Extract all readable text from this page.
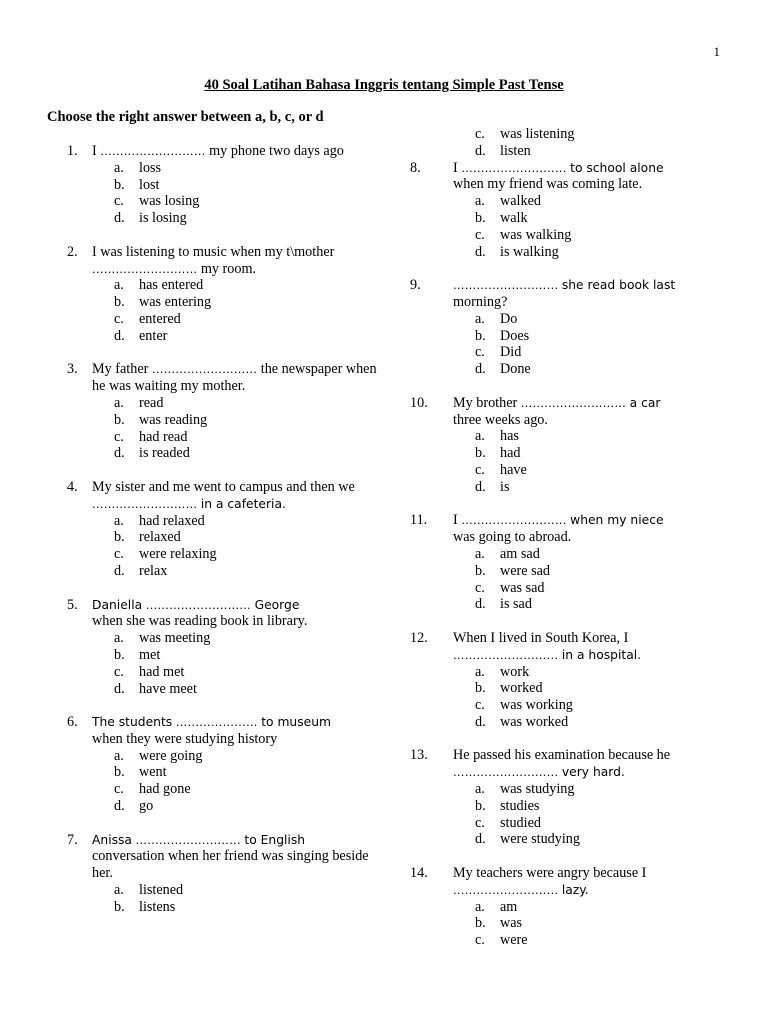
1
40 Soal Latihan Bahasa Inggris tentang Simple Past Tense

Choose the right answer between a, b, c, or d

1. I ……………………… my phone two days ago

a. loss
b. lost
c. was losing
d. is losing

2. I was listening to music when my t\mother
……………………… my room.

a. has entered
b. was entering
c. entered
d. enter

3. My father ……………………… the newspaper when he was waiting my mother.

a. read
b. was reading
c. had read
d. is readed

4. My sister and me went to campus and then we ……………………… in a cafeteria.

a. had relaxed
b. relaxed
c. were relaxing
d. relax

5. Daniella ……………………… George
when she was reading book in library.

a. was meeting
b. met
c. had met
d. have meet

6. The students ………………… to museum
when they were studying history

a. were going
b. went
c. had gone
d. go

7. Anissa ……………………… to English
conversation when her friend was singing beside her.

a. listened
b. listens
c. was listening
d. listen

8. I ……………………… to school alone
when my friend was coming late.

a. walked
b. walk
c. was walking
d. is walking

9.	……………………… she read book last
morning?

a. Do
b. Does
c. Did
d. Done

10. My brother ……………………… a car
three weeks ago.

a. has
b. had
c. have
d. is

11. I ……………………… when my niece
was going to abroad.

a. am sad
b. were sad
c. was sad
d. is sad

12. When I lived in South Korea, I
……………………… in a hospital.

a. work
b. worked
c. was working
d. was worked

13. He passed his examination because he
……………………… very hard.

a. was studying
b. studies
c. studied
d. were studying

14. My teachers were angry because I
……………………… lazy.

a. am
b. was
c. were
